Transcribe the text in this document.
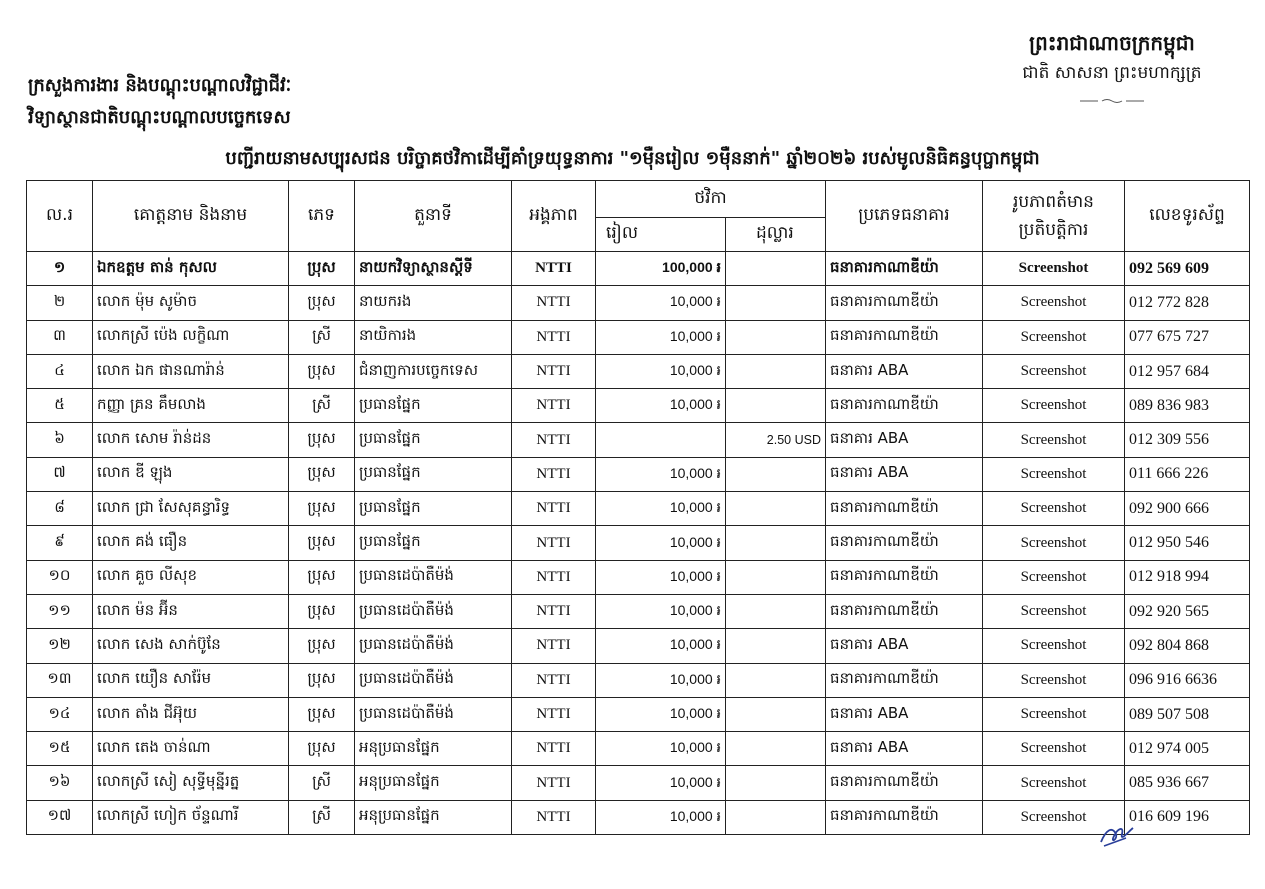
ព្រះរាជាណាចក្រកម្ពុជា
ជាតិ សាសនា ព្រះមហាក្សត្រ
ក្រសួងការងារ និងបណ្តុះបណ្តាលវិជ្ជាជីវៈ
វិទ្យាស្ថានជាតិបណ្តុះបណ្តាលបច្ចេកទេស
បញ្ជីរាយនាមសប្បុរសជន បរិច្ចាគថវិកាដើម្បីគាំទ្រយុទ្ធនាការ "១ម៉ឺនរៀល ១ម៉ឺននាក់" ឆ្នាំ២០២៦ របស់មូលនិធិគន្ធបុប្ផាកម្ពុជា
ល.រ	គោត្តនាម និងនាម	ភេទ	តួនាទី	អង្គភាព	ថវិកា		ប្រភេទធនាគារ	រូបភាពតំមាន
ប្រតិបត្តិការ	លេខទូរស័ព្ទ
					រៀល	ដុល្លារ			
១	ឯកឧត្តម តាន់ កុសល	ប្រុស	នាយកវិទ្យាស្ថានស្តីទី	NTTI	100,000 ៛		ធនាគារកាណាឌីយ៉ា	Screenshot	092 569 609
២	លោក ម៉ុម សូម៉ាច	ប្រុស	នាយករង	NTTI	10,000 ៛		ធនាគារកាណាឌីយ៉ា	Screenshot	012 772 828
៣	លោកស្រី ប៉េង លក្ខិណា	ស្រី	នាយិការង	NTTI	10,000 ៛		ធនាគារកាណាឌីយ៉ា	Screenshot	077 675 727
៤	លោក ឯក ផានណារ៉ាន់	ប្រុស	ជំនាញការបច្ចេកទេស	NTTI	10,000 ៛		ធនាគារ ABA	Screenshot	012 957 684
៥	កញ្ញា គ្រន គឹមលាង	ស្រី	ប្រធានផ្នែក	NTTI	10,000 ៛		ធនាគារកាណាឌីយ៉ា	Screenshot	089 836 983
៦	លោក សោម រ៉ាន់ដន	ប្រុស	ប្រធានផ្នែក	NTTI		2.50 USD	ធនាគារ ABA	Screenshot	012 309 556
៧	លោក ឌី ឡុង	ប្រុស	ប្រធានផ្នែក	NTTI	10,000 ៛		ធនាគារ ABA	Screenshot	011 666 226
៨	លោក ជ្រា សែសុគន្ធារិទ្ធ	ប្រុស	ប្រធានផ្នែក	NTTI	10,000 ៛		ធនាគារកាណាឌីយ៉ា	Screenshot	092 900 666
៩	លោក គង់ ធឿន	ប្រុស	ប្រធានផ្នែក	NTTI	10,000 ៛		ធនាគារកាណាឌីយ៉ា	Screenshot	012 950 546
១០	លោក គួច លីសុខ	ប្រុស	ប្រធានដេប៉ាតឺម៉ង់	NTTI	10,000 ៛		ធនាគារកាណាឌីយ៉ា	Screenshot	012 918 994
១១	លោក ម៉ន អ៊ីន	ប្រុស	ប្រធានដេប៉ាតឺម៉ង់	NTTI	10,000 ៛		ធនាគារកាណាឌីយ៉ា	Screenshot	092 920 565
១២	លោក សេង សាក់ប៊ូនែ	ប្រុស	ប្រធានដេប៉ាតឺម៉ង់	NTTI	10,000 ៛		ធនាគារ ABA	Screenshot	092 804 868
១៣	លោក យឿន សារ៉ែម	ប្រុស	ប្រធានដេប៉ាតឺម៉ង់	NTTI	10,000 ៛		ធនាគារកាណាឌីយ៉ា	Screenshot	096 916 6636
១៤	លោក តាំង ជីអ៊ុយ	ប្រុស	ប្រធានដេប៉ាតឺម៉ង់	NTTI	10,000 ៛		ធនាគារ ABA	Screenshot	089 507 508
១៥	លោក តេង ចាន់ណា	ប្រុស	អនុប្រធានផ្នែក	NTTI	10,000 ៛		ធនាគារ ABA	Screenshot	012 974 005
១៦	លោកស្រី សៀ សុទ្ធីមុន្នីរត្ន	ស្រី	អនុប្រធានផ្នែក	NTTI	10,000 ៛		ធនាគារកាណាឌីយ៉ា	Screenshot	085 936 667
១៧	លោកស្រី ហៀក ច័ន្ទណារី	ស្រី	អនុប្រធានផ្នែក	NTTI	10,000 ៛		ធនាគារកាណាឌីយ៉ា	Screenshot	016 609 196
